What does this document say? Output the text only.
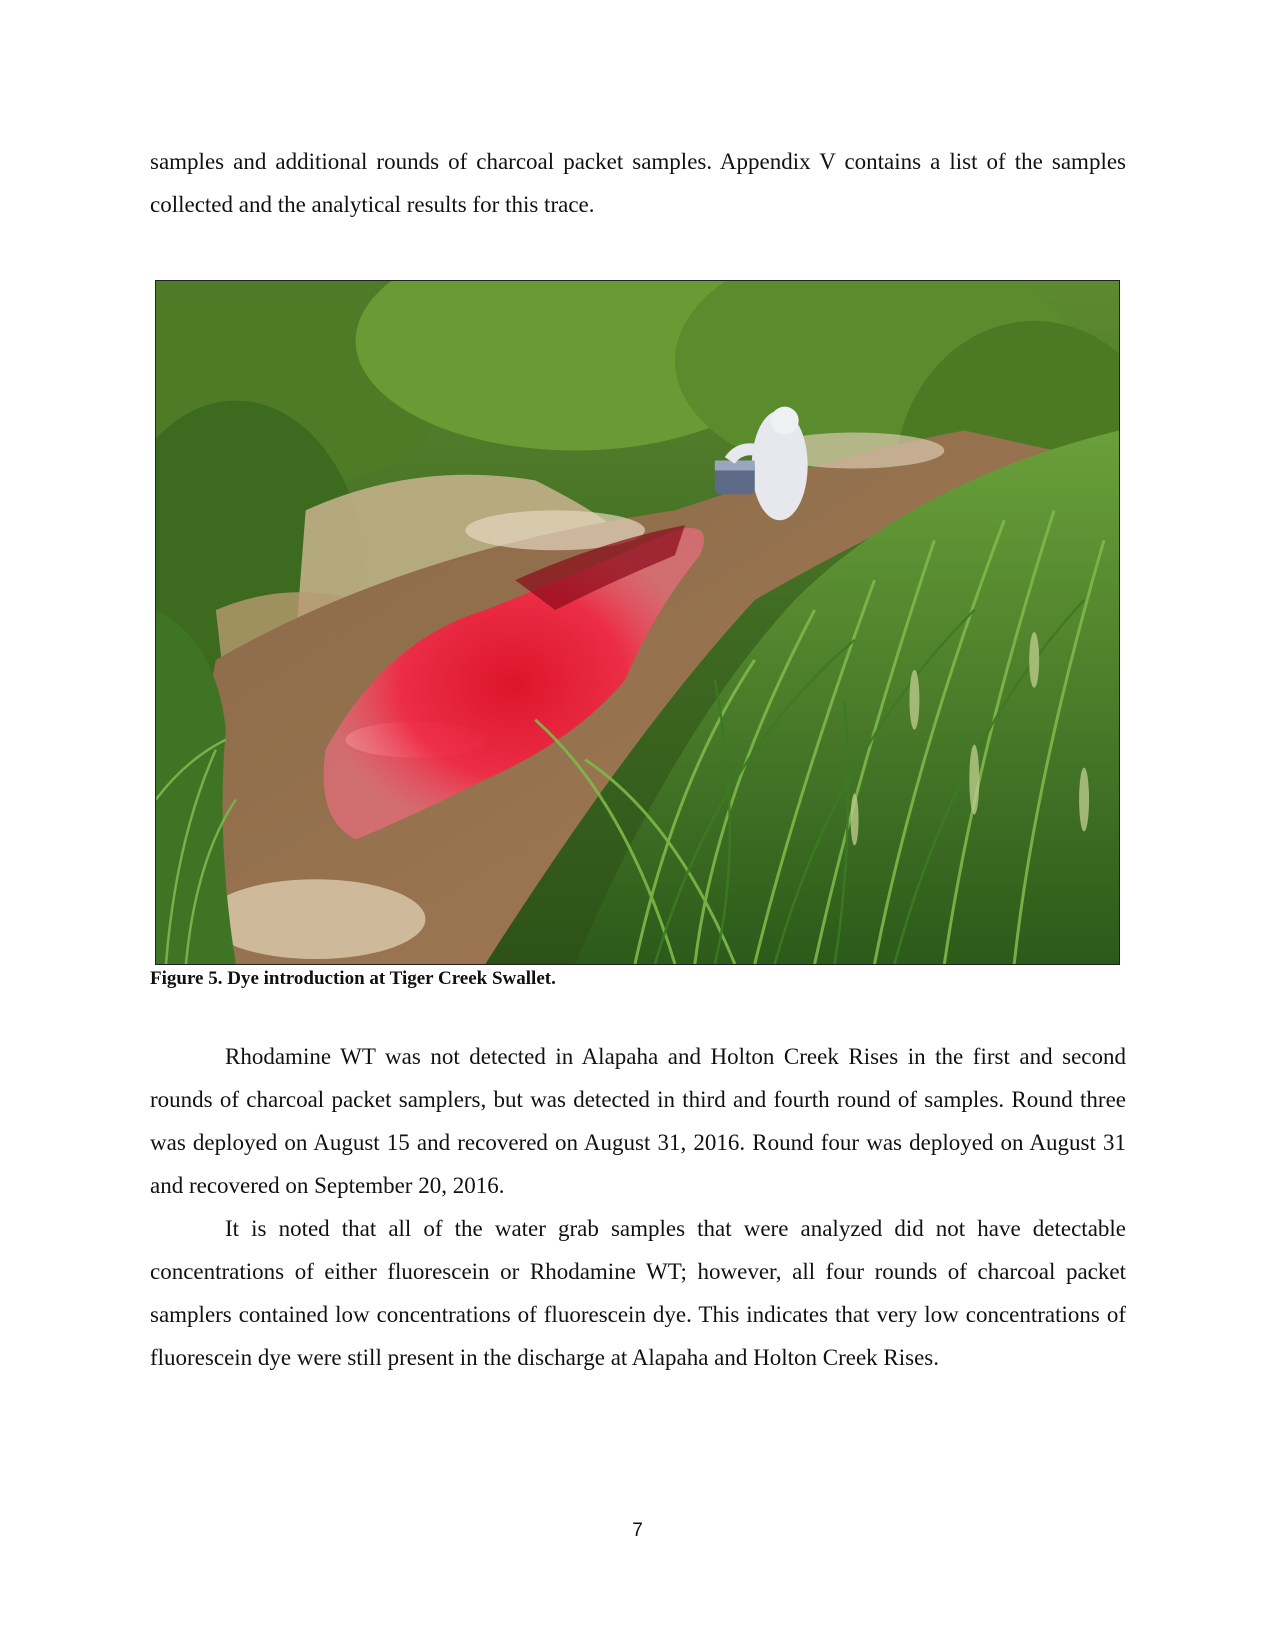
samples and additional rounds of charcoal packet samples. Appendix V contains a list of the samples collected and the analytical results for this trace.

Figure 5. Dye introduction at Tiger Creek Swallet.

Rhodamine WT was not detected in Alapaha and Holton Creek Rises in the first and second rounds of charcoal packet samplers, but was detected in third and fourth round of samples. Round three was deployed on August 15 and recovered on August 31, 2016. Round four was deployed on August 31 and recovered on September 20, 2016.

It is noted that all of the water grab samples that were analyzed did not have detectable concentrations of either fluorescein or Rhodamine WT; however, all four rounds of charcoal packet samplers contained low concentrations of fluorescein dye. This indicates that very low concentrations of fluorescein dye were still present in the discharge at Alapaha and Holton Creek Rises.

7
